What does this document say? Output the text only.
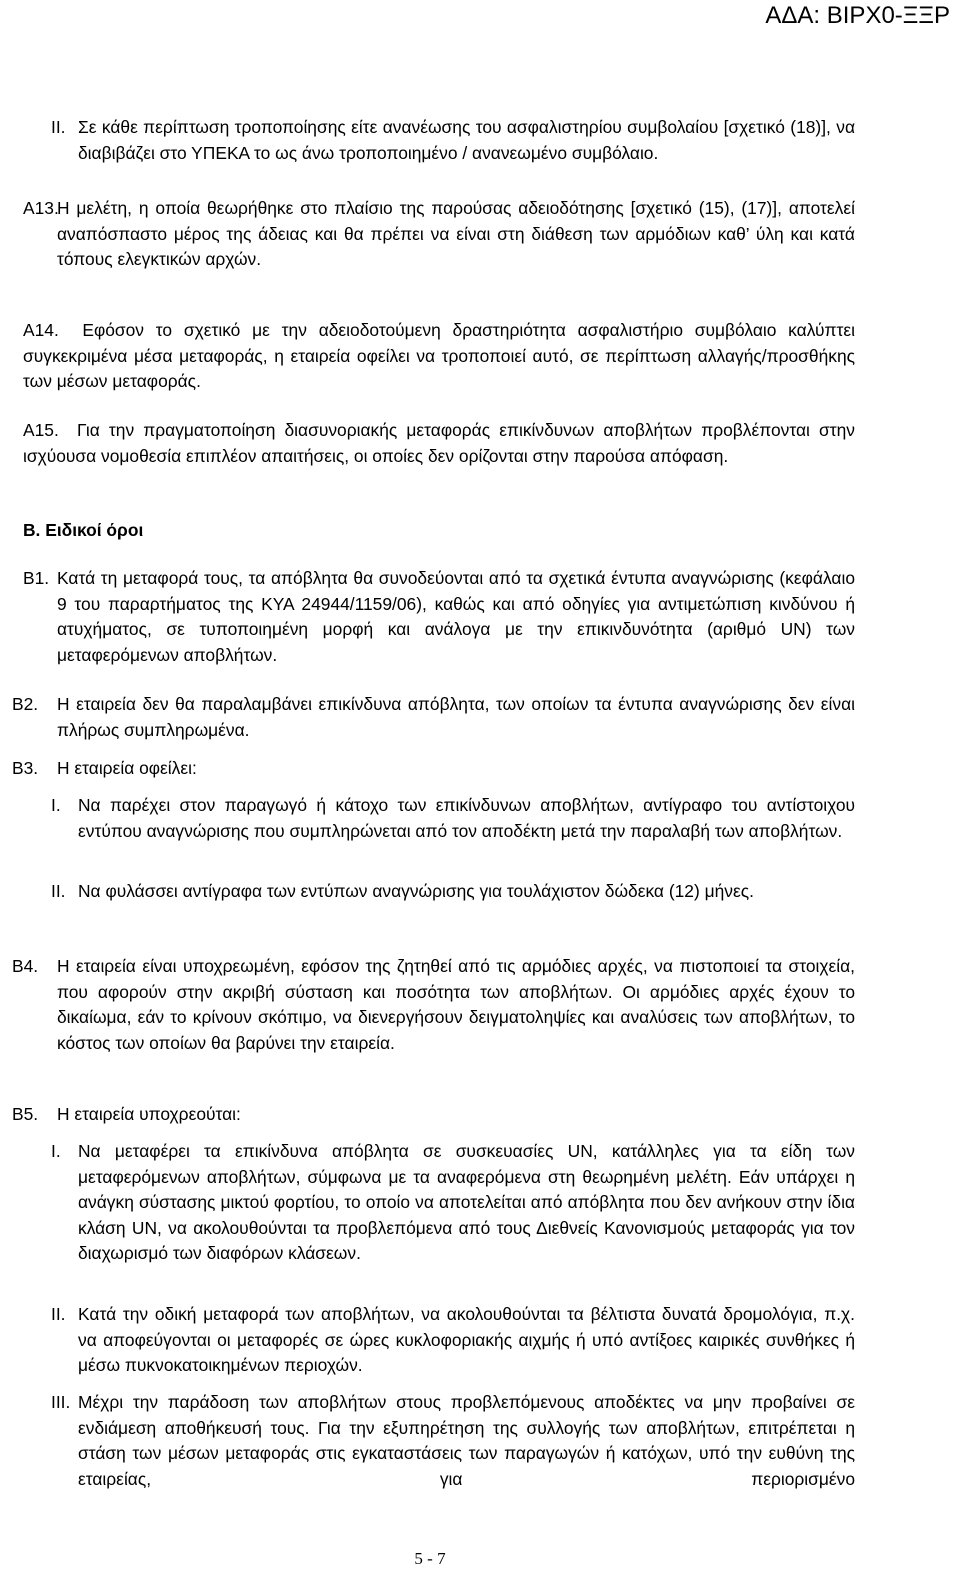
ΑΔΑ: ΒΙΡΧ0-ΞΞΡ
II. Σε κάθε περίπτωση τροποποίησης είτε ανανέωσης του ασφαλιστηρίου συμβολαίου [σχετικό (18)], να διαβιβάζει στο ΥΠΕΚΑ το ως άνω τροποποιημένο / ανανεωμένο συμβόλαιο.
Α13.
Η μελέτη, η οποία θεωρήθηκε στο πλαίσιο της παρούσας αδειοδότησης [σχετικό (15), (17)], αποτελεί αναπόσπαστο μέρος της άδειας και θα πρέπει να είναι στη διάθεση των αρμόδιων καθ’ ύλη και κατά τόπους ελεγκτικών αρχών.
Α14. Εφόσον το σχετικό με την αδειοδοτούμενη δραστηριότητα ασφαλιστήριο συμβόλαιο καλύπτει συγκεκριμένα μέσα μεταφοράς, η εταιρεία οφείλει να τροποποιεί αυτό, σε περίπτωση αλλαγής/προσθήκης των μέσων μεταφοράς.
Α15. Για την πραγματοποίηση διασυνοριακής μεταφοράς επικίνδυνων αποβλήτων προβλέπονται στην ισχύουσα νομοθεσία επιπλέον απαιτήσεις, οι οποίες δεν ορίζονται στην παρούσα απόφαση.
Β. Ειδικοί όροι
Β1. Κατά τη μεταφορά τους, τα απόβλητα θα συνοδεύονται από τα σχετικά έντυπα αναγνώρισης (κεφάλαιο 9 του παραρτήματος της ΚΥΑ 24944/1159/06), καθώς και από οδηγίες για αντιμετώπιση κινδύνου ή ατυχήματος, σε τυποποιημένη μορφή και ανάλογα με την επικινδυνότητα (αριθμό UN) των μεταφερόμενων αποβλήτων.
Β2. Η εταιρεία δεν θα παραλαμβάνει επικίνδυνα απόβλητα, των οποίων τα έντυπα αναγνώρισης δεν είναι πλήρως συμπληρωμένα.
Β3. Η εταιρεία οφείλει:
I. Να παρέχει στον παραγωγό ή κάτοχο των επικίνδυνων αποβλήτων, αντίγραφο του αντίστοιχου εντύπου αναγνώρισης που συμπληρώνεται από τον αποδέκτη μετά την παραλαβή των αποβλήτων.
II. Να φυλάσσει αντίγραφα των εντύπων αναγνώρισης για τουλάχιστον δώδεκα (12) μήνες.
Β4. Η εταιρεία είναι υποχρεωμένη, εφόσον της ζητηθεί από τις αρμόδιες αρχές, να πιστοποιεί τα στοιχεία, που αφορούν στην ακριβή σύσταση και ποσότητα των αποβλήτων. Οι αρμόδιες αρχές έχουν το δικαίωμα, εάν το κρίνουν σκόπιμο, να διενεργήσουν δειγματοληψίες και αναλύσεις των αποβλήτων, το κόστος των οποίων θα βαρύνει την εταιρεία.
Β5. Η εταιρεία υποχρεούται:
I. Να μεταφέρει τα επικίνδυνα απόβλητα σε συσκευασίες UN, κατάλληλες για τα είδη των μεταφερόμενων αποβλήτων, σύμφωνα με τα αναφερόμενα στη θεωρημένη μελέτη. Εάν υπάρχει η ανάγκη σύστασης μικτού φορτίου, το οποίο να αποτελείται από απόβλητα που δεν ανήκουν στην ίδια κλάση UN, να ακολουθούνται τα προβλεπόμενα από τους Διεθνείς Κανονισμούς μεταφοράς για τον διαχωρισμό των διαφόρων κλάσεων.
II. Κατά την οδική μεταφορά των αποβλήτων, να ακολουθούνται τα βέλτιστα δυνατά δρομολόγια, π.χ. να αποφεύγονται οι μεταφορές σε ώρες κυκλοφοριακής αιχμής ή υπό αντίξοες καιρικές συνθήκες ή μέσω πυκνοκατοικημένων περιοχών.
III. Μέχρι την παράδοση των αποβλήτων στους προβλεπόμενους αποδέκτες να μην προβαίνει σε ενδιάμεση αποθήκευσή τους. Για την εξυπηρέτηση της συλλογής των αποβλήτων, επιτρέπεται η στάση των μέσων μεταφοράς στις εγκαταστάσεις των παραγωγών ή κατόχων, υπό την ευθύνη της εταιρείας, για περιορισμένο
5 - 7
